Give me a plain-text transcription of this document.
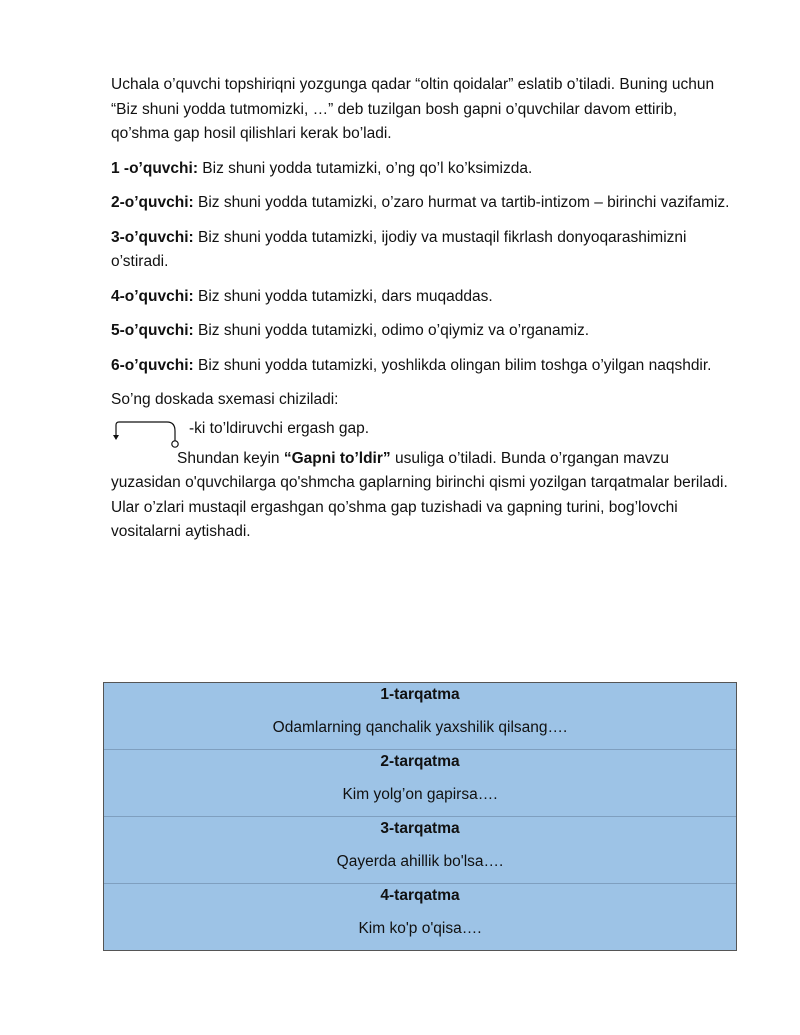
Uchala o’quvchi topshiriqni yozgunga qadar “oltin qoidalar” eslatib o’tiladi. Buning uchun “Biz shuni yodda tutmomizki, …” deb tuzilgan bosh gapni o’quvchilar davom ettirib, qo’shma gap hosil qilishlari kerak bo’ladi.

1 -o’quvchi: Biz shuni yodda tutamizki, o’ng qo’l ko’ksimizda.

2-o’quvchi: Biz shuni yodda tutamizki, o’zaro hurmat va tartib-intizom – birinchi vazifamiz.

3-o’quvchi: Biz shuni yodda tutamizki, ijodiy va mustaqil fikrlash donyoqarashimizni o’stiradi.

4-o’quvchi: Biz shuni yodda tutamizki, dars muqaddas.

5-o’quvchi: Biz shuni yodda tutamizki, odimo o’qiymiz va o’rganamiz.

6-o’quvchi: Biz shuni yodda tutamizki, yoshlikda olingan bilim toshga o’yilgan naqshdir.

So’ng doskada sxemasi chiziladi:

-ki to’ldiruvchi ergash gap.

Shundan keyin “Gapni to’ldir” usuliga o’tiladi. Bunda o’rgangan mavzu yuzasidan o'quvchilarga qo'shmcha gaplarning birinchi qismi yozilgan tarqatmalar beriladi. Ular o’zlari mustaqil ergashgan qo’shma gap tuzishadi va gapning turini, bog’lovchi vositalarni aytishadi.

1-tarqatma
Odamlarning qanchalik yaxshilik qilsang….
2-tarqatma
Kim yolg’on gapirsa….
3-tarqatma
Qayerda ahillik bo'lsa….
4-tarqatma
Kim ko'p o'qisa….
